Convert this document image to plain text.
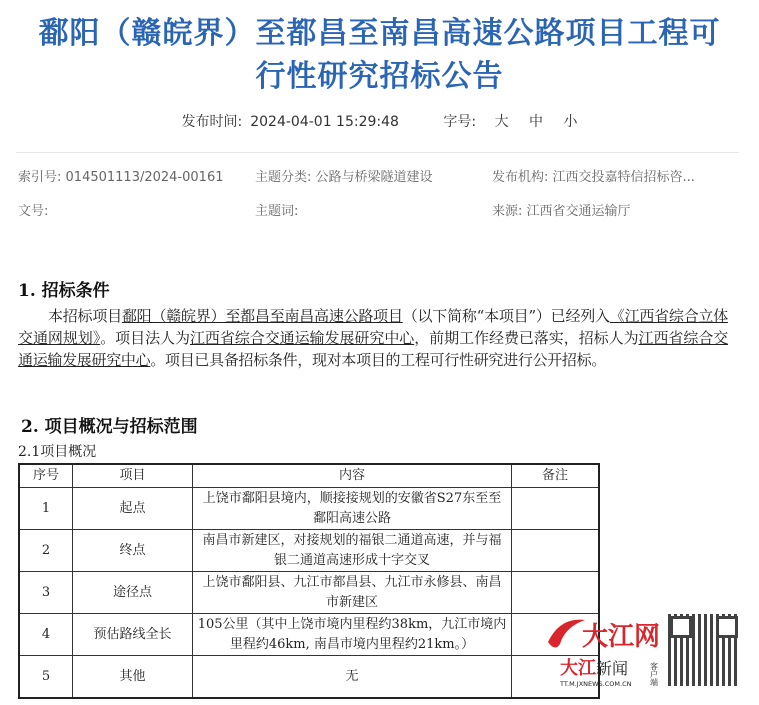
鄱阳（赣皖界）至都昌至南昌高速公路项目工程可
行性研究招标公告
发布时间: 2024-04-01 15:29:48	字号: 大 中 小
索引号: 014501113/2024-00161 主题分类: 公路与桥梁隧道建设	发布机构: 江西交投嘉特信招标咨...
文号:	主题词:	来源: 江西省交通运输厅
1. 招标条件
本招标项目鄱阳（赣皖界）至都昌至南昌高速公路项目（以下简称“本项目”）已经列入《江西省综合立体交通网规划》。项目法人为江西省综合交通运输发展研究中心，前期工作经费已落实，招标人为江西省综合交通运输发展研究中心。项目已具备招标条件，现对本项目的工程可行性研究进行公开招标。
2. 项目概况与招标范围
2.1项目概况
序号	项目	内容	备注
1	起点	上饶市鄱阳县境内，顺接接规划的安徽省S27东至至鄱阳高速公路	
2	终点	南昌市新建区，对接规划的福银二通道高速，并与福银二通道高速形成十字交叉	
3	途径点	上饶市鄱阳县、九江市都昌县、九江市永修县、南昌市新建区	
4	预估路线全长	105公里（其中上饶市境内里程约38km，九江市境内里程约46km, 南昌市境内里程约21km。）	
5	其他	无	
大江网
大江 新闻	客户端
TT.M.JXNEWS.COM.CN
